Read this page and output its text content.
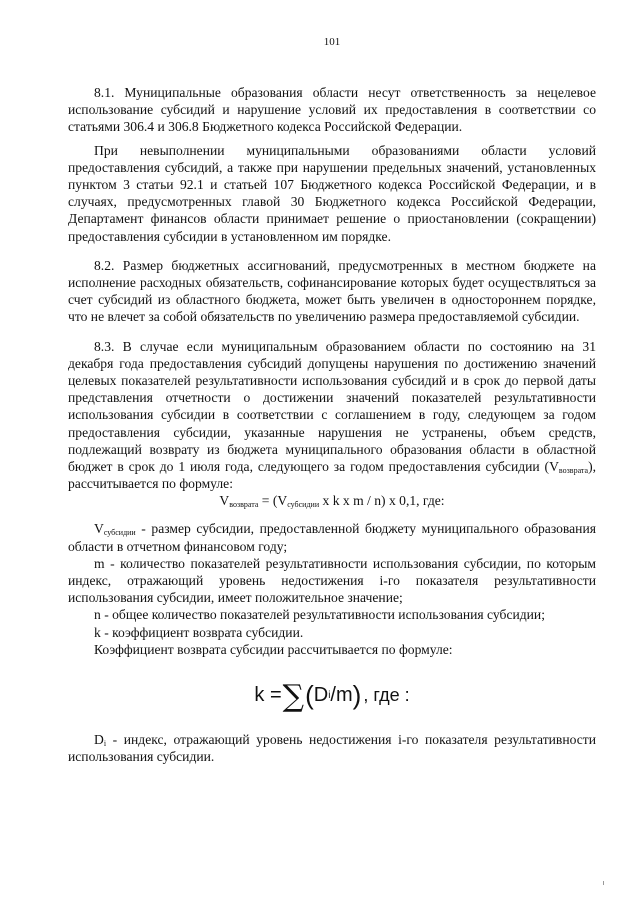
101

8.1. Муниципальные образования области несут ответственность за нецелевое использование субсидий и нарушение условий их предоставления в соответствии со статьями 306.4 и 306.8 Бюджетного кодекса Российской Федерации.

При невыполнении муниципальными образованиями области условий предоставления субсидий, а также при нарушении предельных значений, установленных пунктом 3 статьи 92.1 и статьей 107 Бюджетного кодекса Российской Федерации, и в случаях, предусмотренных главой 30 Бюджетного кодекса Российской Федерации, Департамент финансов области принимает решение о приостановлении (сокращении) предоставления субсидии в установленном им порядке.

8.2. Размер бюджетных ассигнований, предусмотренных в местном бюджете на исполнение расходных обязательств, софинансирование которых будет осуществляться за счет субсидий из областного бюджета, может быть увеличен в одностороннем порядке, что не влечет за собой обязательств по увеличению размера предоставляемой субсидии.

8.3. В случае если муниципальным образованием области по состоянию на 31 декабря года предоставления субсидий допущены нарушения по достижению значений целевых показателей результативности использования субсидий и в срок до первой даты представления отчетности о достижении значений показателей результативности использования субсидии в соответствии с соглашением в году, следующем за годом предоставления субсидии, указанные нарушения не устранены, объем средств, подлежащий возврату из бюджета муниципального образования области в областной бюджет в срок до 1 июля года, следующего за годом предоставления субсидии $(V_{возврата})$, рассчитывается по формуле:

$V_{возврата} = (V_{субсидии}$ x k x m / n) x 0,1, где:

$V_{субсидии}$ - размер субсидии, предоставленной бюджету муниципального образования области в отчетном финансовом году;

m - количество показателей результативности использования субсидии, по которым индекс, отражающий уровень недостижения i-го показателя результативности использования субсидии, имеет положительное значение;

n - общее количество показателей результативности использования субсидии;

k - коэффициент возврата субсидии.

Коэффициент возврата субсидии рассчитывается по формуле:

k = ∑ ( D i /m ) , где :

$D_i$ - индекс, отражающий уровень недостижения i-го показателя результативности использования субсидии.
